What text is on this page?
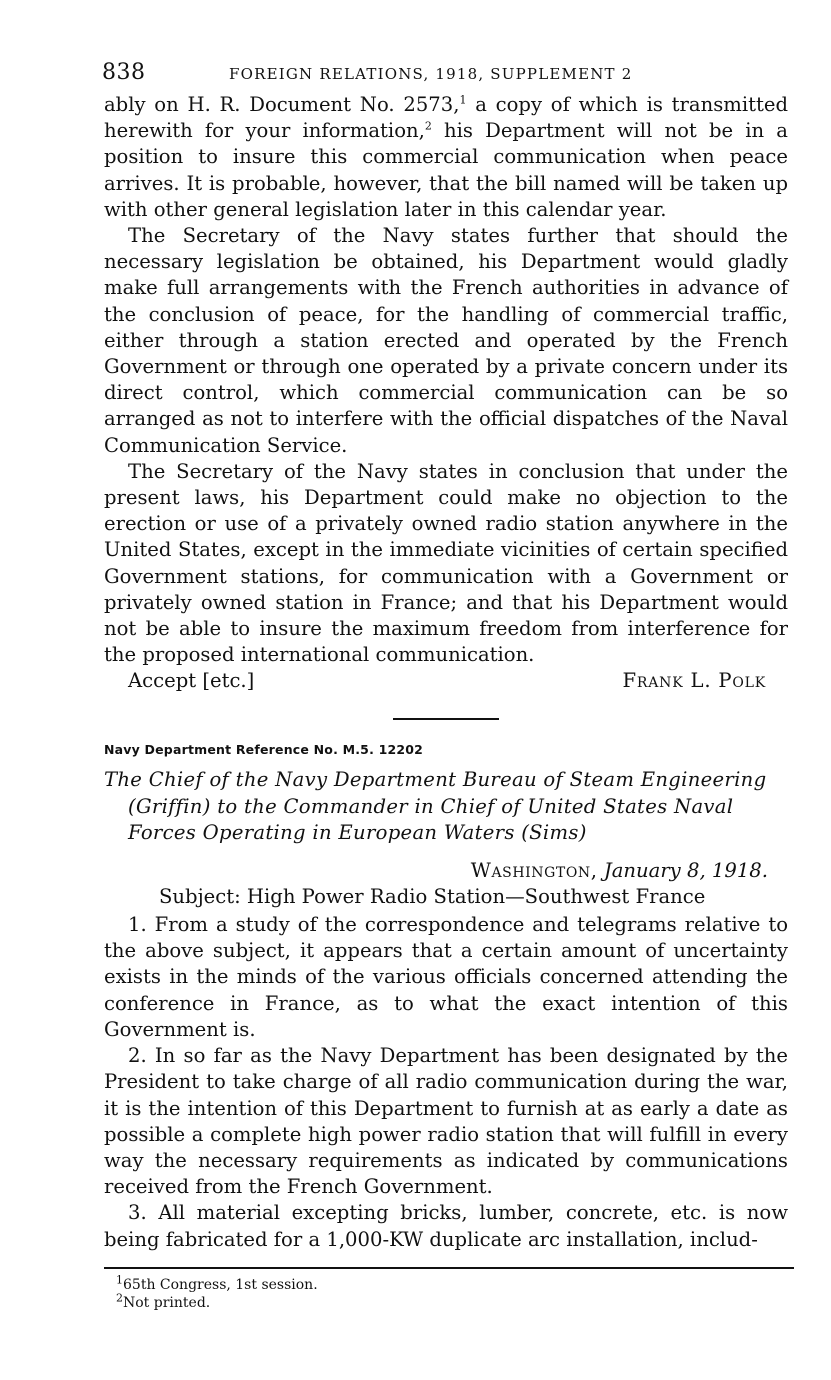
838	FOREIGN RELATIONS, 1918, SUPPLEMENT 2

ably on H. R. Document No. 2573,$^1$ a copy of which is transmitted herewith for your information,$^2$ his Department will not be in a position to insure this commercial communication when peace arrives. It is probable, however, that the bill named will be taken up with other general legislation later in this calendar year.

The Secretary of the Navy states further that should the necessary legislation be obtained, his Department would gladly make full arrangements with the French authorities in advance of the conclusion of peace, for the handling of commercial traffic, either through a station erected and operated by the French Government or through one operated by a private concern under its direct control, which commercial communication can be so arranged as not to interfere with the official dispatches of the Naval Communication Service.

The Secretary of the Navy states in conclusion that under the present laws, his Department could make no objection to the erection or use of a privately owned radio station anywhere in the United States, except in the immediate vicinities of certain specified Government stations, for communication with a Government or privately owned station in France; and that his Department would not be able to insure the maximum freedom from interference for the proposed international communication.

Accept [etc.]	Frank L. Polk
Navy Department Reference No. M.5. 12202
The Chief of the Navy Department Bureau of Steam Engineering (Griffin) to the Commander in Chief of United States Naval Forces Operating in European Waters (Sims)
Washington, January 8, 1918.
Subject: High Power Radio Station—Southwest France

1. From a study of the correspondence and telegrams relative to the above subject, it appears that a certain amount of uncertainty exists in the minds of the various officials concerned attending the conference in France, as to what the exact intention of this Government is.

2. In so far as the Navy Department has been designated by the President to take charge of all radio communication during the war, it is the intention of this Department to furnish at as early a date as possible a complete high power radio station that will fulfill in every way the necessary requirements as indicated by communications received from the French Government.

3. All material excepting bricks, lumber, concrete, etc. is now being fabricated for a 1,000-KW duplicate arc installation, includ-

$^1$65th Congress, 1st session.
$^2$Not printed.
